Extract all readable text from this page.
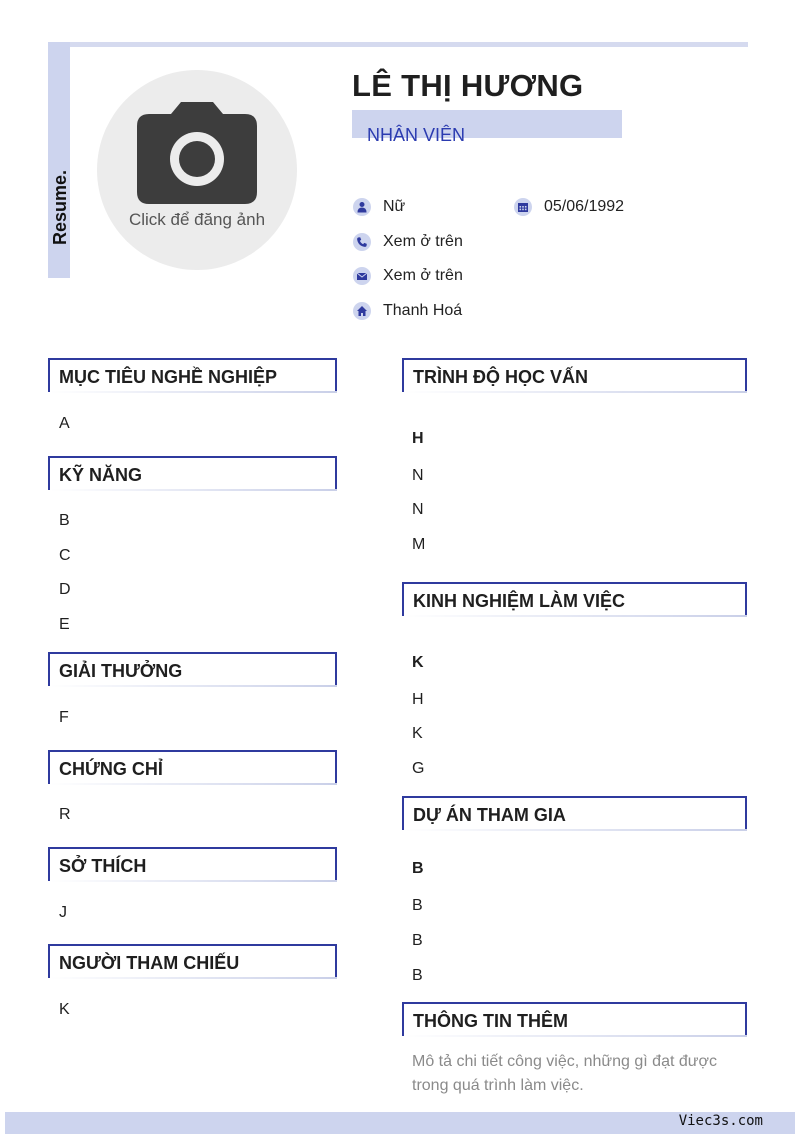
Resume.	Click để đăng ảnh
LÊ THỊ HƯƠNG
NHÂN VIÊN
Nữ	05/06/1992
Xem ở trên
Xem ở trên
Thanh Hoá
MỤC TIÊU NGHỀ NGHIỆP
A
KỸ NĂNG
B
C
D
E
GIẢI THƯỞNG
F
CHỨNG CHỈ
R
SỞ THÍCH
J
NGƯỜI THAM CHIẾU
K
TRÌNH ĐỘ HỌC VẤN
H
N
N
M
KINH NGHIỆM LÀM VIỆC
K
H
K
G
DỰ ÁN THAM GIA
B
B
B
B
THÔNG TIN THÊM
Mô tả chi tiết công việc, những gì đạt được trong quá trình làm việc.
Viec3s.com
